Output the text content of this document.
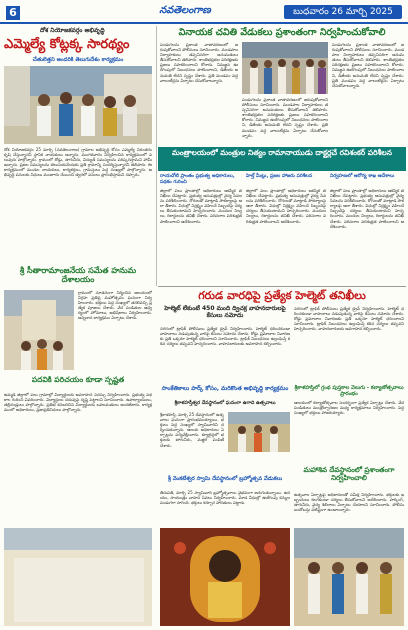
6	నవతెలంగాణ	బుధవారం 26 మార్చి 2025
దోశ నియోజకవర్గం అభివృద్ధి
ఎమ్మెల్యే కోట్లక్క సారథ్యం
చేతులెత్తని అందరికి తెలుగుదేశం కార్యక్రమం
దోశ నియోజకవర్గం 25 మార్చి (నవతెలంగాణ) గ్రామాల అభివృద్ధి కోసం ఎమ్మెల్యే నిరంతరం కృషి చేస్తున్నారని స్థానిక నాయకులు అన్నారు. మంగళవారం నిర్వహించిన కార్యక్రమంలో పలువురు పాల్గొన్నారు. గ్రామంలో రోడ్లు, తాగునీరు, విద్యుత్ సమస్యలను పరిష్కరిస్తామని హామీ ఇచ్చారు. ప్రజల సమస్యలను తెలుసుకునేందుకు ప్రతి గ్రామాన్ని సందర్శిస్తున్నారని తెలిపారు. ఈ కార్యక్రమంలో మండల నాయకులు, కార్యకర్తలు, గ్రామస్తులు పెద్ద సంఖ్యలో పాల్గొన్నారు. అభివృద్ధి పనులకు నిధులు మంజూరు చేయించి త్వరలో పనులు ప్రారంభిస్తామని చెప్పారు.
శ్రీ సీతారామాంజనేయ సమేత హనుమ దేశాలయం
గ్రామంలో నూతనంగా నిర్మించిన ఆలయంలో విగ్రహ ప్రతిష్ఠ మహోత్సవం ఘనంగా నిర్వహించారు. భక్తులు పెద్ద సంఖ్యలో తరలివచ్చి ప్రత్యేక పూజలు చేశారు. వేద పండితుల ఆధ్వర్యంలో హోమాలు, అభిషేకాలు నిర్వహించారు. అన్నదాన కార్యక్రమం ఏర్పాటు చేశారు.
పదవికి పరిచయం కూడా స్పష్టత
ఉమ్మడి జిల్లాలో పలు గ్రామాల్లో విద్యార్థులకు అవగాహన సదస్సు నిర్వహించారు. ప్రభుత్వ పథకాల గురించి వివరించారు. విద్యార్థులు చదువుపై దృష్టి పెట్టాలని సూచించారు. ఉపాధ్యాయులు, తల్లిదండ్రులు పాల్గొన్నారు. ప్రతిభ కనబరిచిన విద్యార్థులకు బహుమతులు అందజేశారు. కార్యక్రమంలో అధికారులు, ప్రజాప్రతినిధులు పాల్గొన్నారు.
వినాయక చవితి వేడుకలు ప్రశాంతంగా నిర్వహించుకోవాలి
పండుగలను ప్రశాంత వాతావరణంలో జరుపుకోవాలని పోలీసులు సూచించారు. మండపాల నిర్వాహకులు తప్పనిసరిగా అనుమతులు తీసుకోవాలని తెలిపారు. శాంతిభద్రతల పరిరక్షణకు ప్రజలు సహకరించాలని కోరారు. నిమజ్జన ఊరేగింపులో నిబంధనలు పాటించాలని, డీజేలకు అనుమతి లేదని స్పష్టం చేశారు. ప్రతి మండపం వద్ద వాలంటీర్లను ఏర్పాటు చేసుకోవాలన్నారు.
పండుగలను ప్రశాంత వాతావరణంలో జరుపుకోవాలని పోలీసులు సూచించారు. మండపాల నిర్వాహకులు తప్పనిసరిగా అనుమతులు తీసుకోవాలని తెలిపారు. శాంతిభద్రతల పరిరక్షణకు ప్రజలు సహకరించాలని కోరారు. నిమజ్జన ఊరేగింపులో నిబంధనలు పాటించాలని, డీజేలకు అనుమతి లేదని స్పష్టం చేశారు. ప్రతి మండపం వద్ద వాలంటీర్లను ఏర్పాటు చేసుకోవాలన్నారు.
పండుగలను ప్రశాంత వాతావరణంలో జరుపుకోవాలని పోలీసులు సూచించారు. మండపాల నిర్వాహకులు తప్పనిసరిగా అనుమతులు తీసుకోవాలని తెలిపారు. శాంతిభద్రతల పరిరక్షణకు ప్రజలు సహకరించాలని కోరారు. నిమజ్జన ఊరేగింపులో నిబంధనలు పాటించాలని, డీజేలకు అనుమతి లేదని స్పష్టం చేశారు. ప్రతి మండపం వద్ద వాలంటీర్లను ఏర్పాటు చేసుకోవాలన్నారు.
మంత్రాలయంలో మంత్రుల నిత్యం రామానాయుడు దాక్టర్లచే రవిశంకర్ పరిశీలన
రాయచోటి ప్రాంతం ప్రభుత్వ అధికారులు, పథకం గురించి
హెల్త్ మీట్లు, ప్రజల హాజరు పరిశీలన	నిర్వహణలో ఆరోగ్య శాఖ ఆదేశాలు
జిల్లాలో పలు ప్రాంతాల్లో అధికారులు ఆకస్మిక తనిఖీలు చేపట్టారు. ప్రభుత్వ ఆసుపత్రుల్లో వైద్య సేవలను పరిశీలించారు. రోగులతో మాట్లాడి సౌకర్యాలపై ఆరా తీశారు. విధుల్లో నిర్లక్ష్యం వహించే సిబ్బందిపై చర్యలు తీసుకుంటామని హెచ్చరించారు. మందుల నిల్వలు, రికార్డులను తనిఖీ చేశారు. పరిసరాల పరిశుభ్రత పాటించాలని ఆదేశించారు.
జిల్లాలో పలు ప్రాంతాల్లో అధికారులు ఆకస్మిక తనిఖీలు చేపట్టారు. ప్రభుత్వ ఆసుపత్రుల్లో వైద్య సేవలను పరిశీలించారు. రోగులతో మాట్లాడి సౌకర్యాలపై ఆరా తీశారు. విధుల్లో నిర్లక్ష్యం వహించే సిబ్బందిపై చర్యలు తీసుకుంటామని హెచ్చరించారు. మందుల నిల్వలు, రికార్డులను తనిఖీ చేశారు. పరిసరాల పరిశుభ్రత పాటించాలని ఆదేశించారు.
జిల్లాలో పలు ప్రాంతాల్లో అధికారులు ఆకస్మిక తనిఖీలు చేపట్టారు. ప్రభుత్వ ఆసుపత్రుల్లో వైద్య సేవలను పరిశీలించారు. రోగులతో మాట్లాడి సౌకర్యాలపై ఆరా తీశారు. విధుల్లో నిర్లక్ష్యం వహించే సిబ్బందిపై చర్యలు తీసుకుంటామని హెచ్చరించారు. మందుల నిల్వలు, రికార్డులను తనిఖీ చేశారు. పరిసరాల పరిశుభ్రత పాటించాలని ఆదేశించారు.
గరుడ వారధిపై ప్రత్యేక హెల్మెట్ తనిఖీలు
హెల్మెట్ లేకుంటే 450 మంది ద్విచక్ర వాహనదారులపై కేసులు నమోదు
నగరంలో ట్రాఫిక్ పోలీసులు ప్రత్యేక డ్రైవ్ నిర్వహించారు. హెల్మెట్ ధరించకుండా వాహనాలు నడుపుతున్న వారిపై కేసులు నమోదు చేశారు. రోడ్డు ప్రమాదాల నివారణకు ప్రతి ఒక్కరూ హెల్మెట్ ధరించాలని సూచించారు. ట్రాఫిక్ నిబంధనలు ఉల్లంఘిస్తే కఠిన చర్యలు తప్పవని హెచ్చరించారు. వాహనదారులకు అవగాహన కల్పించారు.
నగరంలో ట్రాఫిక్ పోలీసులు ప్రత్యేక డ్రైవ్ నిర్వహించారు. హెల్మెట్ ధరించకుండా వాహనాలు నడుపుతున్న వారిపై కేసులు నమోదు చేశారు. రోడ్డు ప్రమాదాల నివారణకు ప్రతి ఒక్కరూ హెల్మెట్ ధరించాలని సూచించారు. ట్రాఫిక్ నిబంధనలు ఉల్లంఘిస్తే కఠిన చర్యలు తప్పవని హెచ్చరించారు. వాహనదారులకు అవగాహన కల్పించారు.
సాంకేతికాలు పార్క్ కోసం, మరికొంత అభివృద్ధి కార్యక్రమం
శ్రీకాళహస్తీశ్వర దేవస్థానంలో ఘనంగా ఉగాది ఉత్సవాలు
శ్రీకాళహస్తి, మార్చి 25 దేవస్థానంలో ఉత్సవాలు ఘనంగా ప్రారంభమయ్యాయి. భక్తులు పెద్ద సంఖ్యలో స్వామివారిని దర్శించుకున్నారు. ఆలయ అధికారులు ఏర్పాట్లను పర్యవేక్షించారు. క్యూలైన్లలో భక్తులకు తాగునీరు, మజ్జిగ పంపిణీ చేశారు.
శ్రీ వెంకటేశ్వర స్వామి దేవస్థానంలో బ్రహ్మోత్సవ వేడుకలు
తిరుపతి, మార్చి 25 స్వామివారి బ్రహ్మోత్సవాలు వైభవంగా జరుగుతున్నాయి. ఉదయం, సాయంత్రం వాహన సేవలు నిర్వహించారు. మాడ వీధుల్లో ఊరేగింపు కన్నుల పండుగగా సాగింది. భక్తులు కర్పూర హారతులు పట్టారు.
శ్రీకాళహస్తిలో గ్రంథ పుస్తకాల వెలుగు - కల్యాణోత్సవాలు ప్రారంభం
ఆలయంలో కల్యాణోత్సవాల సందర్భంగా ప్రత్యేక ఏర్పాట్లు చేశారు. వేద పండితులు మంత్రోచ్ఛారణల మధ్య కార్యక్రమాలు నిర్వహించారు. పెద్ద సంఖ్యలో భక్తులు హాజరయ్యారు.
మహాశివ దేవస్థానంలో ప్రశాంతంగా నిర్వహించాలి
ఉత్సవాల ఏర్పాట్లపై అధికారులతో సమీక్ష నిర్వహించారు. భక్తులకు ఇబ్బందులు కలగకుండా చర్యలు తీసుకోవాలని ఆదేశించారు. పార్కింగ్, తాగునీరు, వైద్య శిబిరాలు ఏర్పాటు చేయాలని సూచించారు. పోలీసు బందోబస్తు పటిష్టంగా ఉండాలన్నారు.
